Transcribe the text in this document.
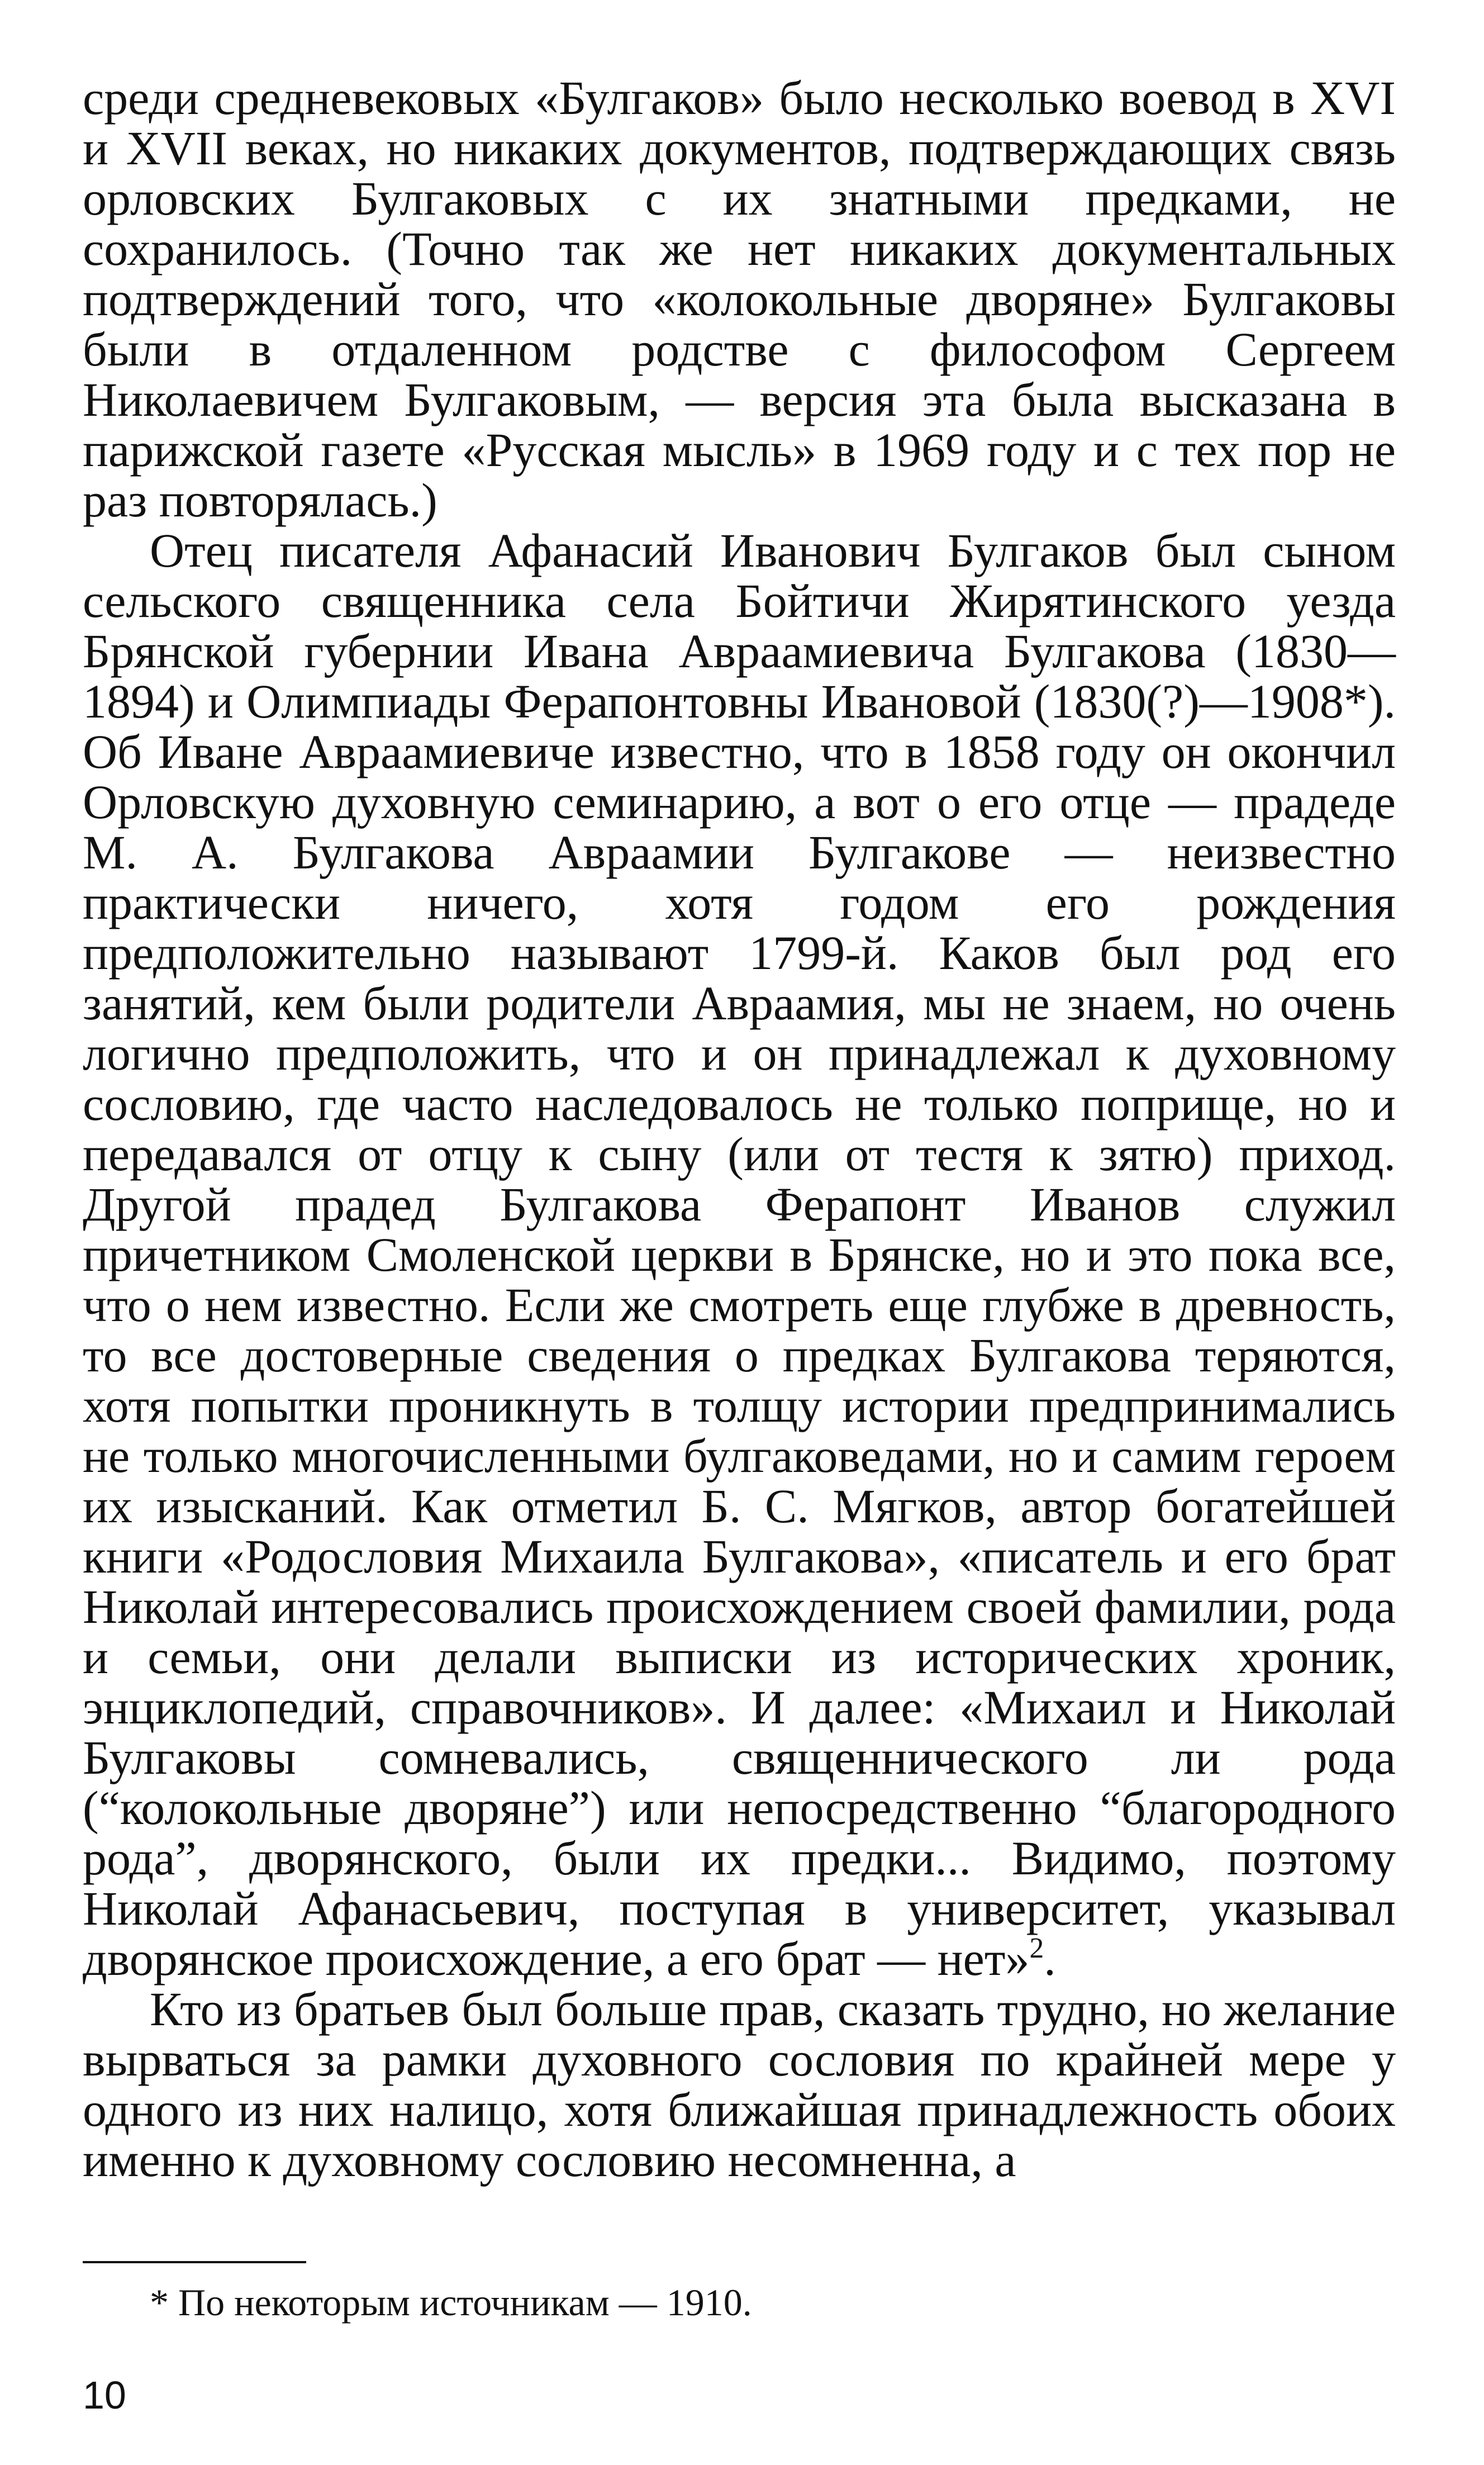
среди средневековых «Булгаков» было несколько воевод в XVI и XVII веках, но никаких документов, подтверждающих связь орловских Булгаковых с их знатными предками, не сохранилось. (Точно так же нет никаких документальных подтверждений того, что «колокольные дворяне» Булгаковы были в отдаленном родстве с философом Сергеем Николаевичем Булгаковым, — версия эта была высказана в парижской газете «Русская мысль» в 1969 году и с тех пор не раз повторялась.)

Отец писателя Афанасий Иванович Булгаков был сыном сельского священника села Бойтичи Жирятинского уезда Брянской губернии Ивана Авраамиевича Булгакова (1830—1894) и Олимпиады Ферапонтовны Ивановой (1830(?)—1908*). Об Иване Авраамиевиче известно, что в 1858 году он окончил Орловскую духовную семинарию, а вот о его отце — прадеде М. А. Булгакова Авраамии Булгакове — неизвестно практически ничего, хотя годом его рождения предположительно называют 1799-й. Каков был род его занятий, кем были родители Авраамия, мы не знаем, но очень логично предположить, что и он принадлежал к духовному сословию, где часто наследовалось не только поприще, но и передавался от отцу к сыну (или от тестя к зятю) приход. Другой прадед Булгакова Ферапонт Иванов служил причетником Смоленской церкви в Брянске, но и это пока все, что о нем известно. Если же смотреть еще глубже в древность, то все достоверные сведения о предках Булгакова теряются, хотя попытки проникнуть в толщу истории предпринимались не только многочисленными булгаковедами, но и самим героем их изысканий. Как отметил Б. С. Мягков, автор богатейшей книги «Родословия Михаила Булгакова», «писатель и его брат Николай интересовались происхождением своей фамилии, рода и семьи, они делали выписки из исторических хроник, энциклопедий, справочников». И далее: «Михаил и Николай Булгаковы сомневались, священнического ли рода (“колокольные дворяне”) или непосредственно “благородного рода”, дворянского, были их предки... Видимо, поэтому Николай Афанасьевич, поступая в университет, указывал дворянское происхождение, а его брат — нет»$^2$.

Кто из братьев был больше прав, сказать трудно, но желание вырваться за рамки духовного сословия по крайней мере у одного из них налицо, хотя ближайшая принадлежность обоих именно к духовному сословию несомненна, а

* По некоторым источникам — 1910.
10
